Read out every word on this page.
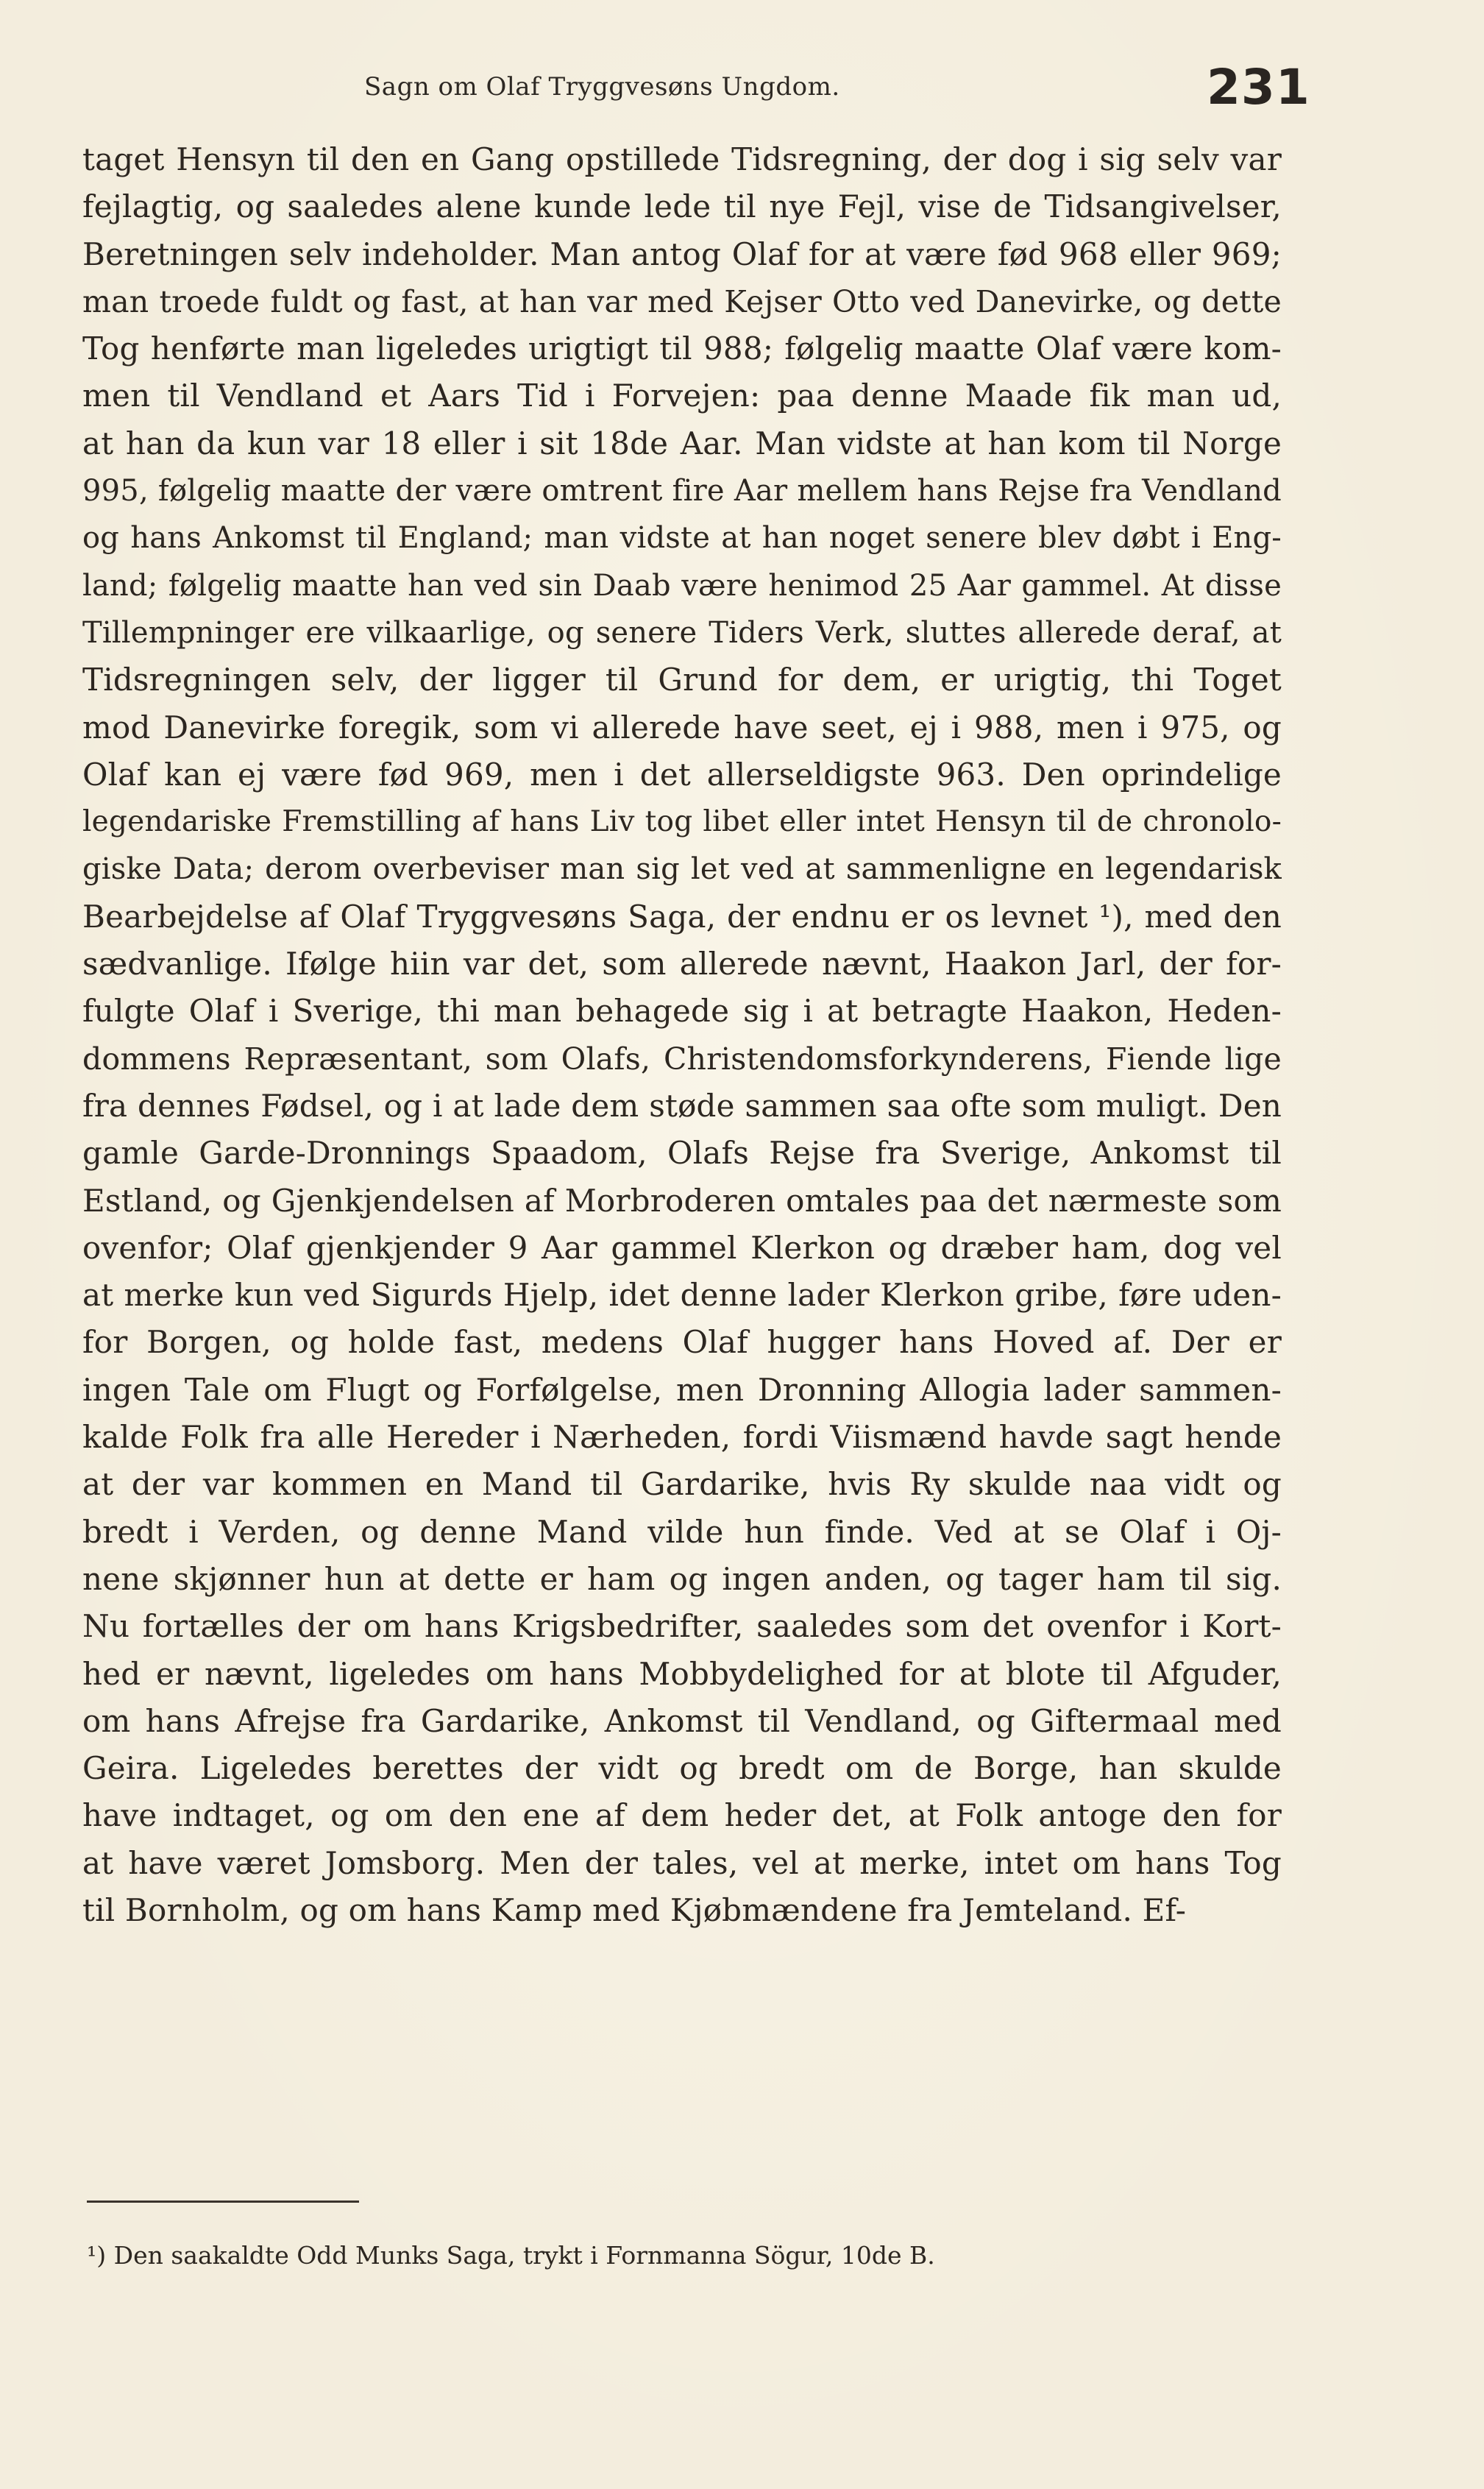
Sagn om Olaf Tryggvesøns Ungdom.	231
taget Hensyn til den en Gang opstillede Tidsregning, der dog i sig selv var
fejlagtig, og saaledes alene kunde lede til nye Fejl, vise de Tidsangivelser,
Beretningen selv indeholder. Man antog Olaf for at være fød 968 eller 969;
man troede fuldt og fast, at han var med Kejser Otto ved Danevirke, og dette
Tog henførte man ligeledes urigtigt til 988; følgelig maatte Olaf være kom-
men til Vendland et Aars Tid i Forvejen: paa denne Maade fik man ud,
at han da kun var 18 eller i sit 18de Aar. Man vidste at han kom til Norge
995, følgelig maatte der være omtrent fire Aar mellem hans Rejse fra Vendland
og hans Ankomst til England; man vidste at han noget senere blev døbt i Eng-
land; følgelig maatte han ved sin Daab være henimod 25 Aar gammel. At disse
Tillempninger ere vilkaarlige, og senere Tiders Verk, sluttes allerede deraf, at
Tidsregningen selv, der ligger til Grund for dem, er urigtig, thi Toget
mod Danevirke foregik, som vi allerede have seet, ej i 988, men i 975, og
Olaf kan ej være fød 969, men i det allerseldigste 963. Den oprindelige
legendariske Fremstilling af hans Liv tog libet eller intet Hensyn til de chronolo-
giske Data; derom overbeviser man sig let ved at sammenligne en legendarisk
Bearbejdelse af Olaf Tryggvesøns Saga, der endnu er os levnet ¹), med den
sædvanlige. Ifølge hiin var det, som allerede nævnt, Haakon Jarl, der for-
fulgte Olaf i Sverige, thi man behagede sig i at betragte Haakon, Heden-
dommens Repræsentant, som Olafs, Christendomsforkynderens, Fiende lige
fra dennes Fødsel, og i at lade dem støde sammen saa ofte som muligt. Den
gamle Garde-Dronnings Spaadom, Olafs Rejse fra Sverige, Ankomst til
Estland, og Gjenkjendelsen af Morbroderen omtales paa det nærmeste som
ovenfor; Olaf gjenkjender 9 Aar gammel Klerkon og dræber ham, dog vel
at merke kun ved Sigurds Hjelp, idet denne lader Klerkon gribe, føre uden-
for Borgen, og holde fast, medens Olaf hugger hans Hoved af. Der er
ingen Tale om Flugt og Forfølgelse, men Dronning Allogia lader sammen-
kalde Folk fra alle Hereder i Nærheden, fordi Viismænd havde sagt hende
at der var kommen en Mand til Gardarike, hvis Ry skulde naa vidt og
bredt i Verden, og denne Mand vilde hun finde. Ved at se Olaf i Oj-
nene skjønner hun at dette er ham og ingen anden, og tager ham til sig.
Nu fortælles der om hans Krigsbedrifter, saaledes som det ovenfor i Kort-
hed er nævnt, ligeledes om hans Mobbydelighed for at blote til Afguder,
om hans Afrejse fra Gardarike, Ankomst til Vendland, og Giftermaal med
Geira. Ligeledes berettes der vidt og bredt om de Borge, han skulde
have indtaget, og om den ene af dem heder det, at Folk antoge den for
at have været Jomsborg. Men der tales, vel at merke, intet om hans Tog
til Bornholm, og om hans Kamp med Kjøbmændene fra Jemteland. Ef-
¹) Den saakaldte Odd Munks Saga, trykt i Fornmanna Sögur, 10de B.
